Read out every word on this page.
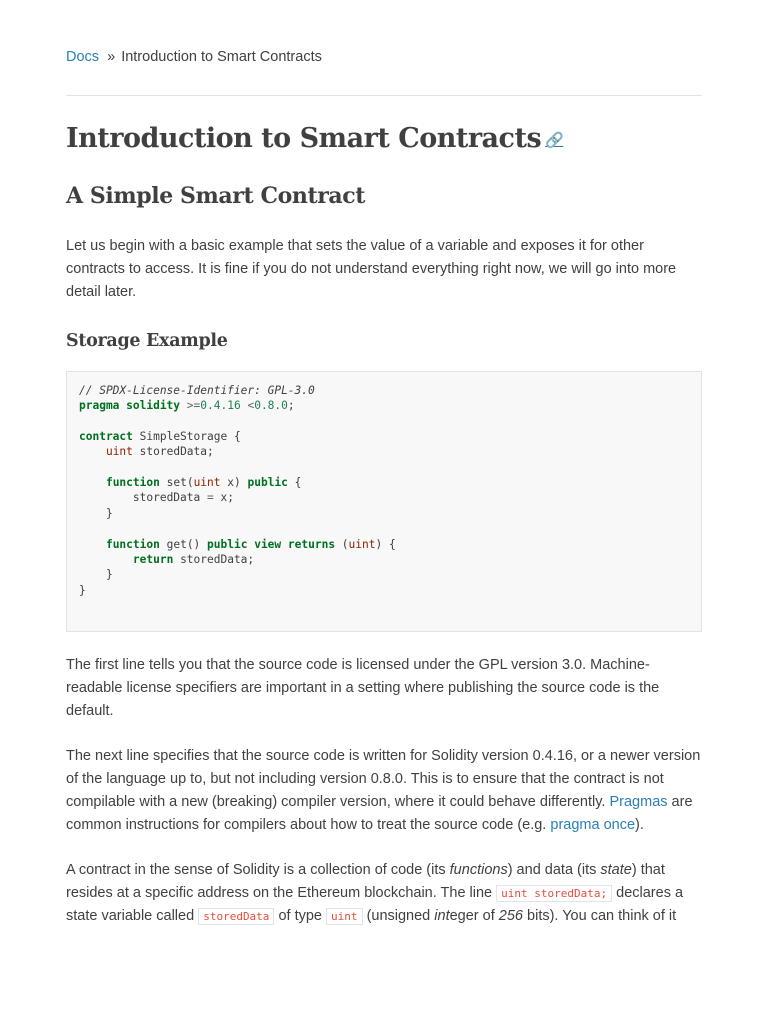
Docs » Introduction to Smart Contracts
Introduction to Smart Contracts 🔗
A Simple Smart Contract

Let us begin with a basic example that sets the value of a variable and exposes it for other contracts to access. It is fine if you do not understand everything right now, we will go into more detail later.

Storage Example
// SPDX-License-Identifier: GPL-3.0
pragma solidity >=0.4.16 <0.8.0;

contract SimpleStorage {
uint storedData;

function set(uint x) public {
storedData = x;
}

function get() public view returns (uint) {
return storedData;
}
}

The first line tells you that the source code is licensed under the GPL version 3.0. Machine-readable license specifiers are important in a setting where publishing the source code is the default.

The next line specifies that the source code is written for Solidity version 0.4.16, or a newer version of the language up to, but not including version 0.8.0. This is to ensure that the contract is not compilable with a new (breaking) compiler version, where it could behave differently. Pragmas are common instructions for compilers about how to treat the source code (e.g. pragma once).

A contract in the sense of Solidity is a collection of code (its functions) and data (its state) that resides at a specific address on the Ethereum blockchain. The line uint storedData; declares a state variable called storedData of type uint (unsigned integer of 256 bits). You can think of it
